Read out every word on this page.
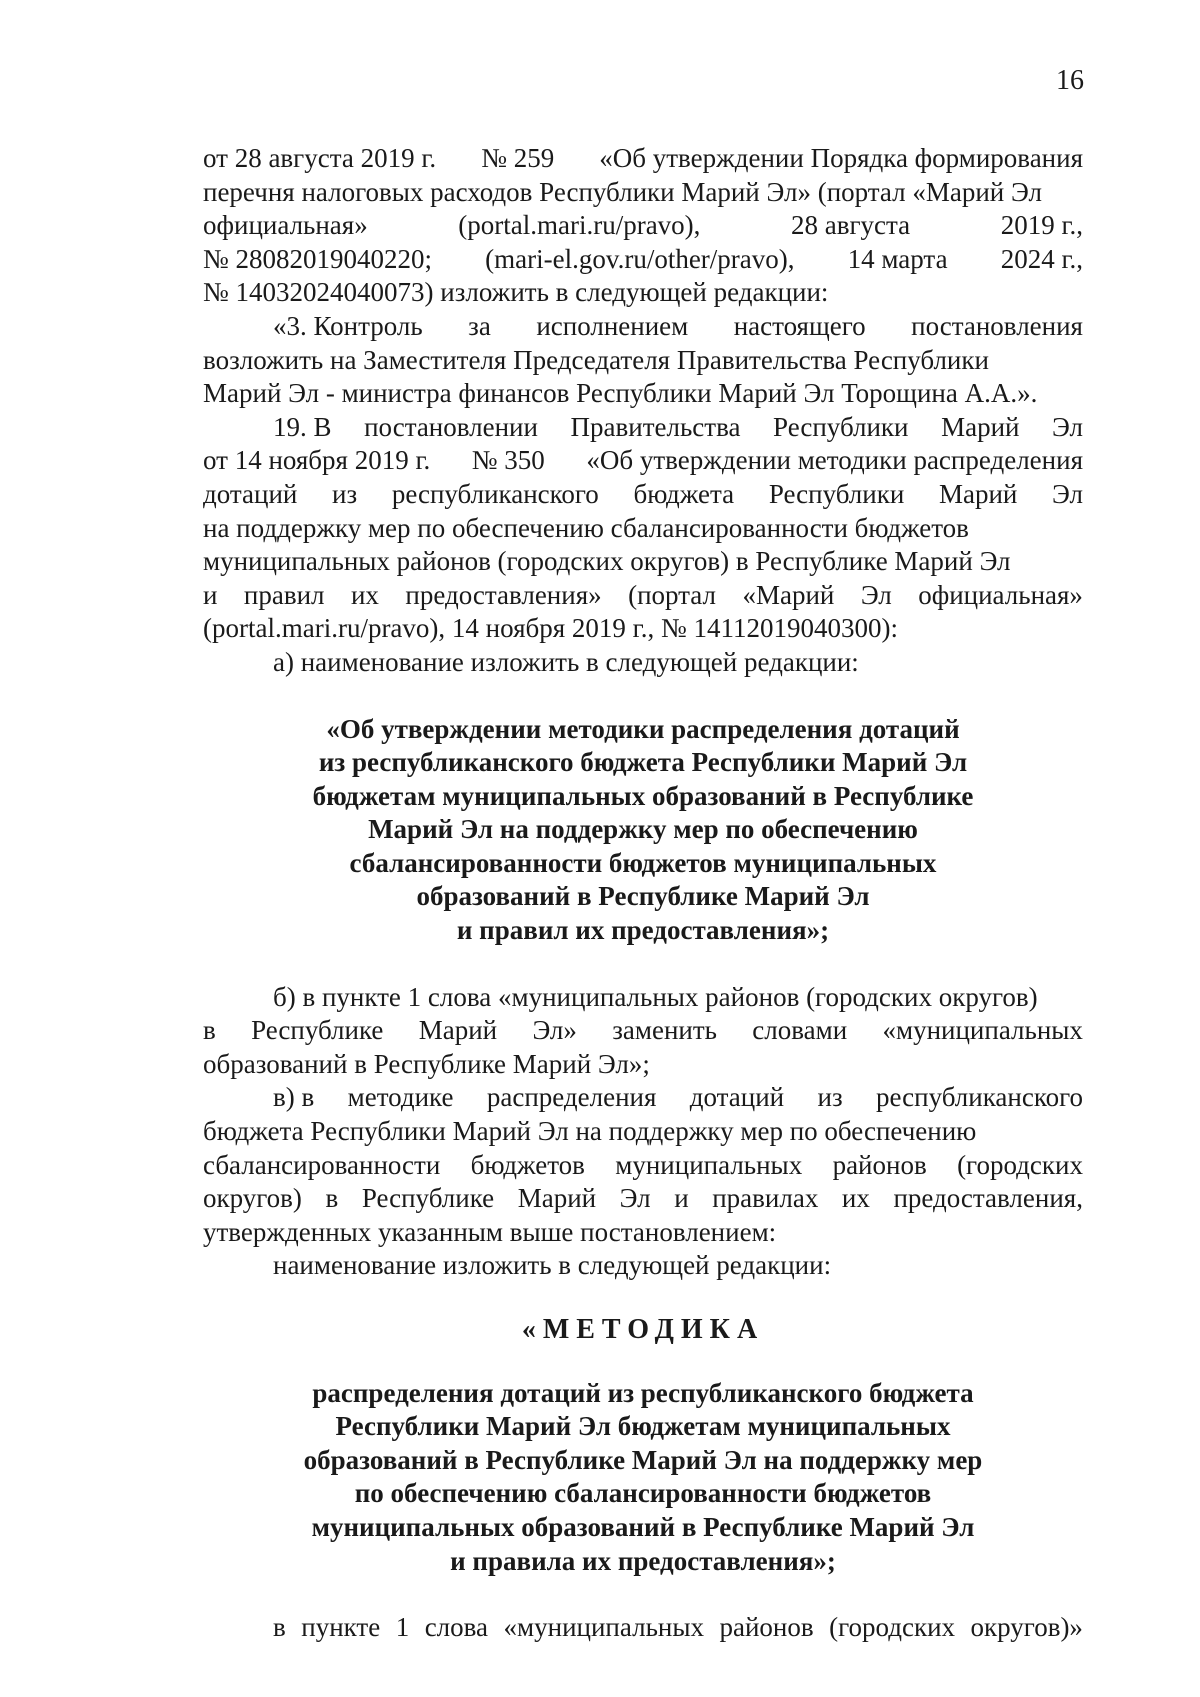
16
от 28 августа 2019 г. № 259 «Об утверждении Порядка формирования
перечня налоговых расходов Республики Марий Эл» (портал «Марий Эл
официальная»	(portal.mari.ru/pravo),	28 августа	2019 г.,
№ 28082019040220; (mari-el.gov.ru/other/pravo), 14 марта 2024 г.,
№ 14032024040073) изложить в следующей редакции:
«3. Контроль за исполнением настоящего постановления
возложить на Заместителя Председателя Правительства Республики
Марий Эл - министра финансов Республики Марий Эл Торощина А.А.».
19. В постановлении Правительства Республики Марий Эл
от 14 ноября 2019 г. № 350 «Об утверждении методики распределения
дотаций из республиканского бюджета Республики Марий Эл
на поддержку мер по обеспечению сбалансированности бюджетов
муниципальных районов (городских округов) в Республике Марий Эл
и правил их предоставления» (портал «Марий Эл официальная»
(portal.mari.ru/pravo), 14 ноября 2019 г., № 14112019040300):
а) наименование изложить в следующей редакции:
«Об утверждении методики распределения дотаций
из республиканского бюджета Республики Марий Эл
бюджетам муниципальных образований в Республике
Марий Эл на поддержку мер по обеспечению
сбалансированности бюджетов муниципальных
образований в Республике Марий Эл
и правил их предоставления»;
б) в пункте 1 слова «муниципальных районов (городских округов)
в Республике Марий Эл» заменить словами «муниципальных
образований в Республике Марий Эл»;
в) в методике распределения дотаций из республиканского
бюджета Республики Марий Эл на поддержку мер по обеспечению
сбалансированности бюджетов муниципальных районов (городских
округов) в Республике Марий Эл и правилах их предоставления,
утвержденных указанным выше постановлением:
наименование изложить в следующей редакции:
«МЕТОДИКА
распределения дотаций из республиканского бюджета
Республики Марий Эл бюджетам муниципальных
образований в Республике Марий Эл на поддержку мер
по обеспечению сбалансированности бюджетов
муниципальных образований в Республике Марий Эл
и правила их предоставления»;
в пункте 1 слова «муниципальных районов (городских округов)»
